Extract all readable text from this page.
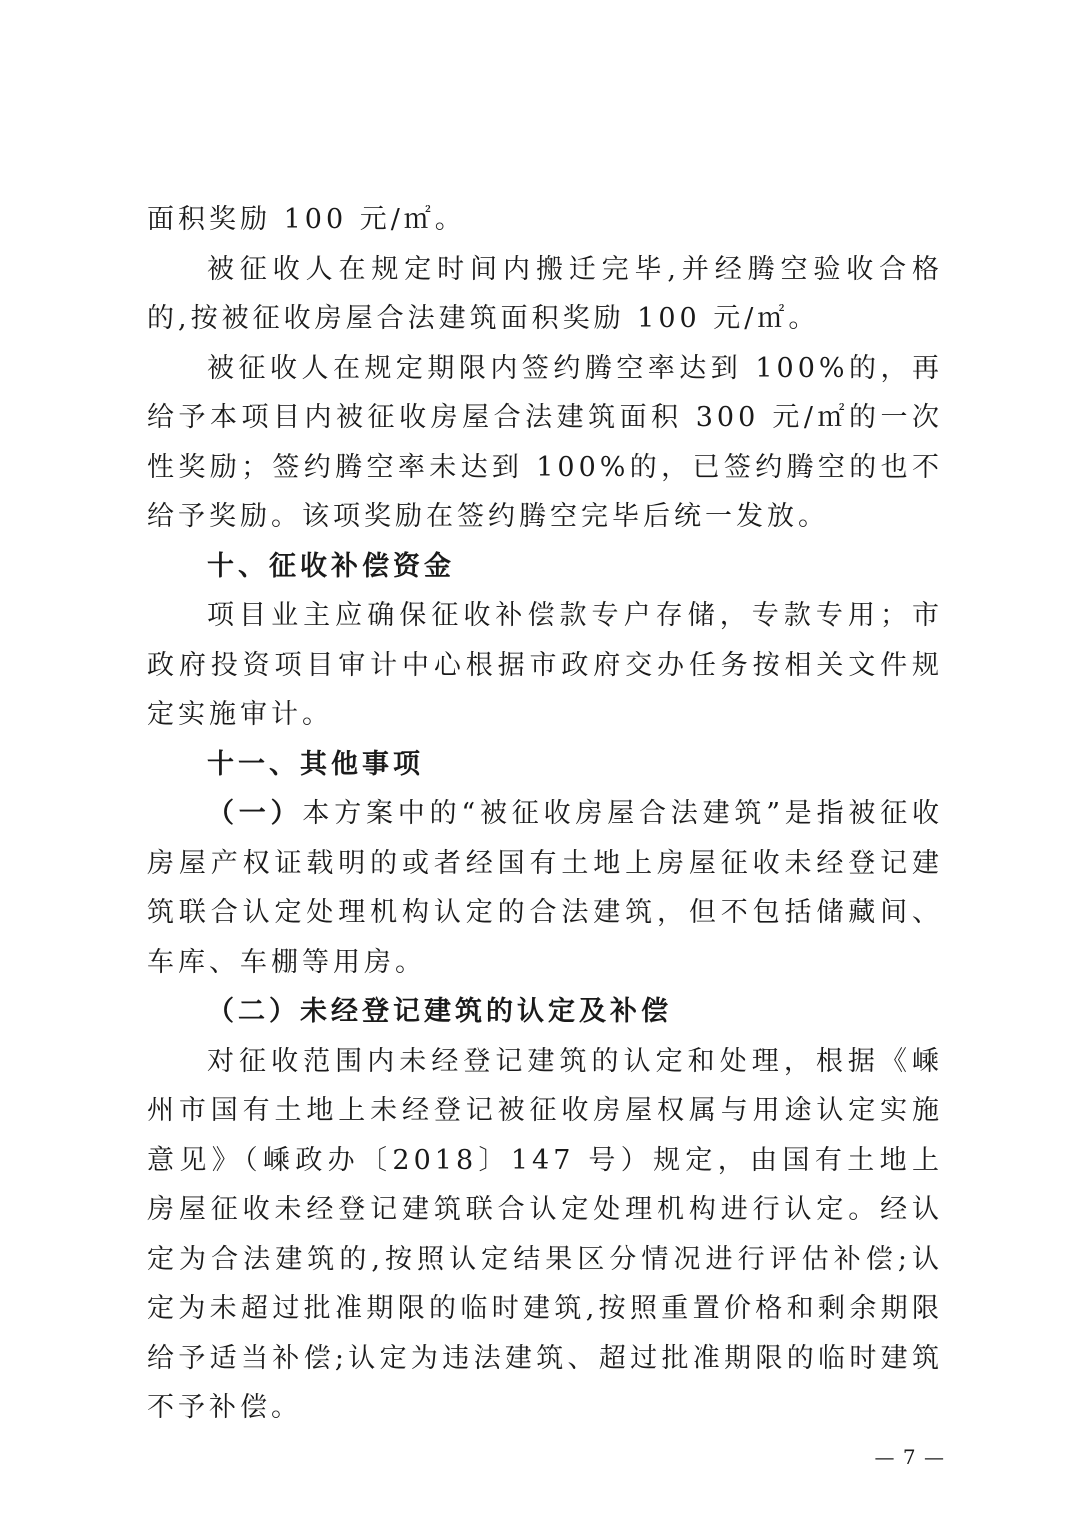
面积奖励 100 元/㎡。

被征收人在规定时间内搬迁完毕,并经腾空验收合格的,按被征收房屋合法建筑面积奖励 100 元/㎡。

被征收人在规定期限内签约腾空率达到 100%的，再给予本项目内被征收房屋合法建筑面积 300 元/㎡的一次性奖励；签约腾空率未达到 100%的，已签约腾空的也不给予奖励。该项奖励在签约腾空完毕后统一发放。

十、征收补偿资金

项目业主应确保征收补偿款专户存储，专款专用；市政府投资项目审计中心根据市政府交办任务按相关文件规定实施审计。

十一、其他事项

（一）本方案中的“被征收房屋合法建筑”是指被征收房屋产权证载明的或者经国有土地上房屋征收未经登记建筑联合认定处理机构认定的合法建筑，但不包括储藏间、车库、车棚等用房。

（二）未经登记建筑的认定及补偿

对征收范围内未经登记建筑的认定和处理，根据《嵊州市国有土地上未经登记被征收房屋权属与用途认定实施意见》（嵊政办〔2018〕147 号）规定，由国有土地上房屋征收未经登记建筑联合认定处理机构进行认定。经认定为合法建筑的,按照认定结果区分情况进行评估补偿;认定为未超过批准期限的临时建筑,按照重置价格和剩余期限给予适当补偿;认定为违法建筑、超过批准期限的临时建筑不予补偿。

— 7 —
